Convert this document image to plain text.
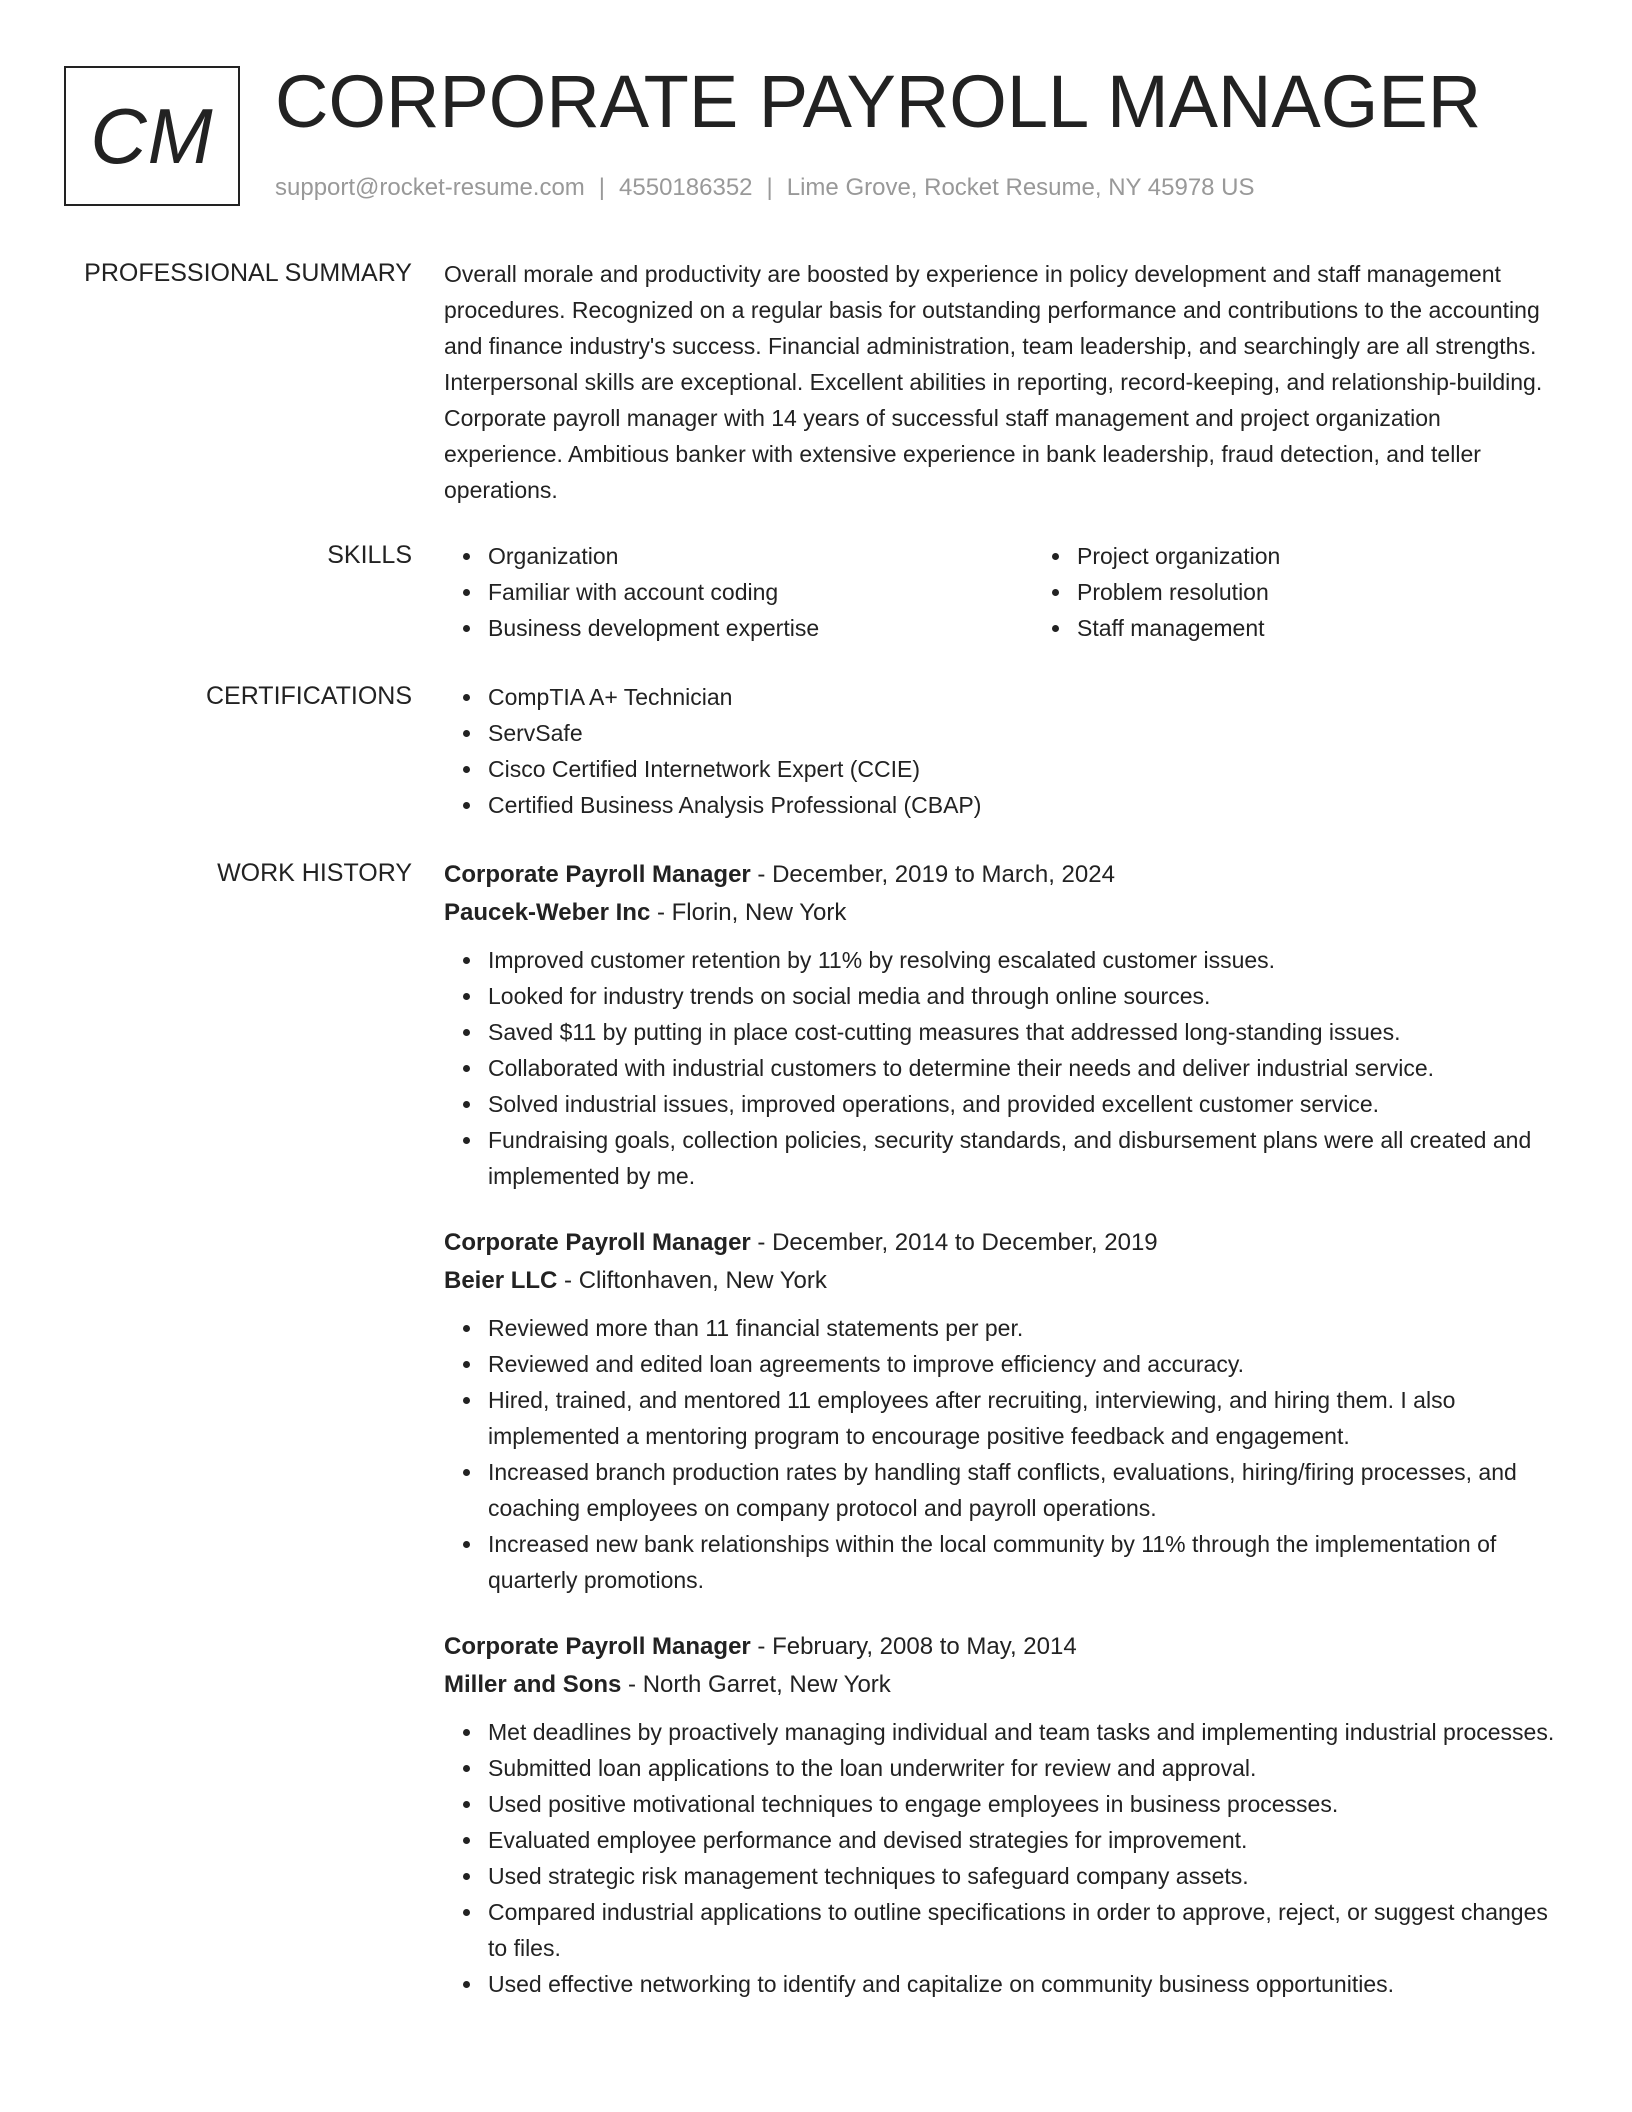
CM CORPORATE PAYROLL MANAGER
support@rocket-resume.com | 4550186352 | Lime Grove, Rocket Resume, NY 45978 US
PROFESSIONAL SUMMARY Overall morale and productivity are boosted by experience in policy development and staff management procedures. Recognized on a regular basis for outstanding performance and contributions to the accounting and finance industry's success. Financial administration, team leadership, and searchingly are all strengths. Interpersonal skills are exceptional. Excellent abilities in reporting, record-keeping, and relationship-building. Corporate payroll manager with 14 years of successful staff management and project organization experience. Ambitious banker with extensive experience in bank leadership, fraud detection, and teller operations.

SKILLS	Organization
Familiar with account coding
Business development expertise
Project organization
Problem resolution
Staff management
CERTIFICATIONS	CompTIA A+ Technician
ServSafe
Cisco Certified Internetwork Expert (CCIE)
Certified Business Analysis Professional (CBAP)
WORK HISTORY Corporate Payroll Manager - December, 2019 to March, 2024
Paucek-Weber Inc - Florin, New York
Improved customer retention by 11% by resolving escalated customer issues.
Looked for industry trends on social media and through online sources.
Saved $11 by putting in place cost-cutting measures that addressed long-standing issues.
Collaborated with industrial customers to determine their needs and deliver industrial service.
Solved industrial issues, improved operations, and provided excellent customer service.
Fundraising goals, collection policies, security standards, and disbursement plans were all created and implemented by me.
Corporate Payroll Manager - December, 2014 to December, 2019
Beier LLC - Cliftonhaven, New York
Reviewed more than 11 financial statements per per.
Reviewed and edited loan agreements to improve efficiency and accuracy.
Hired, trained, and mentored 11 employees after recruiting, interviewing, and hiring them. I also implemented a mentoring program to encourage positive feedback and engagement.
Increased branch production rates by handling staff conflicts, evaluations, hiring/firing processes, and coaching employees on company protocol and payroll operations.
Increased new bank relationships within the local community by 11% through the implementation of quarterly promotions.
Corporate Payroll Manager - February, 2008 to May, 2014
Miller and Sons - North Garret, New York
Met deadlines by proactively managing individual and team tasks and implementing industrial processes.
Submitted loan applications to the loan underwriter for review and approval.
Used positive motivational techniques to engage employees in business processes.
Evaluated employee performance and devised strategies for improvement.
Used strategic risk management techniques to safeguard company assets.
Compared industrial applications to outline specifications in order to approve, reject, or suggest changes to files.
Used effective networking to identify and capitalize on community business opportunities.
